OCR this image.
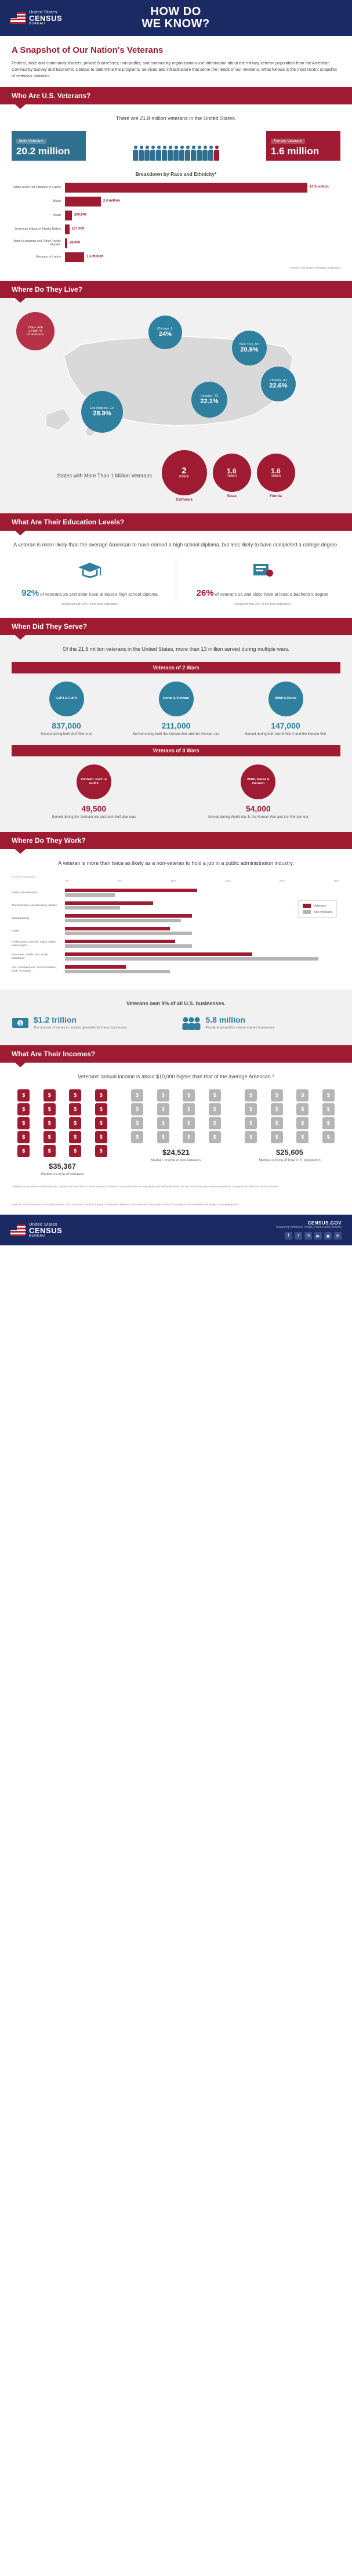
United States
CENSUS
BUREAU
HOW DO
WE KNOW?
A Snapshot of Our Nation's Veterans

Federal, state and community leaders; private businesses; non-profits; and community organizations use information about the military veteran population from the American Community Survey and Economic Census to determine the programs, services and infrastructure that serve the needs of our veterans. What follows is the most recent snapshot of veterans statistics.

Who Are U.S. Veterans?
There are 21.8 million veterans in the United States.
Male Veterans
20.2 million
Female Veterans
1.6 million
Breakdown by Race and Ethnicity*
White alone not Hispanic or Latino	17.5 million
Black	2.4 million
Asian	265,000
American Indian or Alaska Native	157,000
Native Hawaiian and Other Pacific Islander
28,000
Hispanic or Latino	1.3 million
* Census only shows reporting a single race
Where Do They Live?
Cities with
a High %
of Veterans
Chicago, IL
24%
New York, NY
20.9%
Houston, TX
22.1%
Los Angeles, CA
28.9%
Phoenix, AZ
22.6%
States with More Than 1 Million Veterans	2
million
California
1.6
million
Texas
1.6
million
Florida
What Are Their Education Levels?
A veteran is more likely than the average American to have earned a high school diploma, but less likely to have completed a college degree.
92% of veterans 25 and older have at least a high school diploma
compared with 86% of the total population
26% of veterans 25 and older have at least a bachelor's degree
compared with 29% of the total population
When Did They Serve?
Of the 21.8 million veterans in the United States, more than 13 million served during multiple wars.
Veterans of 2 Wars
Gulf I & Gulf II
837,000
Served during both Gulf War eras
Korea & Vietnam
211,000
Served during both the Korean War and the Vietnam era
WWII & Korea
147,000
Served during both World War II and the Korean War
Veterans of 3 Wars
Vietnam, Gulf I & Gulf II
49,500
Served during the Vietnam era and both Gulf War eras
WWII, Korea & Vietnam
54,000
Served during World War II, the Korean War and the Vietnam era
Where Do They Work?
A veteran is more than twice as likely as a non-veteran to hold a job in a public administration industry.
% of the employed
0%	5%	10%	15%	20%	25%
Public administration
Transportation, warehousing, utilities
Manufacturing
Retail
Professional, scientific mgmt, admin, waste mgmt
Education, health care, social assistance
Arts, entertainment, accommodation, food, recreation
Veterans
Non-veterans
Veterans own 9% of all U.S. businesses.
$ $1.2 trillion
The amount of money in receipts generated by these businesses
5.8 million
People employed by veteran-owned businesses
What Are Their Incomes?
Veterans' annual income is about $10,000 higher than that of the average American.*
$	$	$	$
$	$	$	$
$	$	$	$
$	$	$	$
$	$	$	$
$35,367
Median income of veterans
$	$	$	$
$	$	$	$
$	$	$	$
$	$	$	$
$24,521
Median income of non-veterans
$	$	$	$
$	$	$	$
$	$	$	$
$	$	$	$
$25,605
Median income of total U.S. population
* Median income refers to those who are 18 years and over with income in the past 12 months. Income includes not only wages and self-employment, but also Social Security, retirement pensions, VA payments, and other forms of income.
Sources: 2016 American Community Survey, 2007 Economic Census (Survey of Business Owners). The American Community Survey is a survey and its estimates are subject to sampling error.
United States
CENSUS
BUREAU
CENSUS.GOV
Measuring America's People, Places and Economy
f	t	in	▶	◉	✉
